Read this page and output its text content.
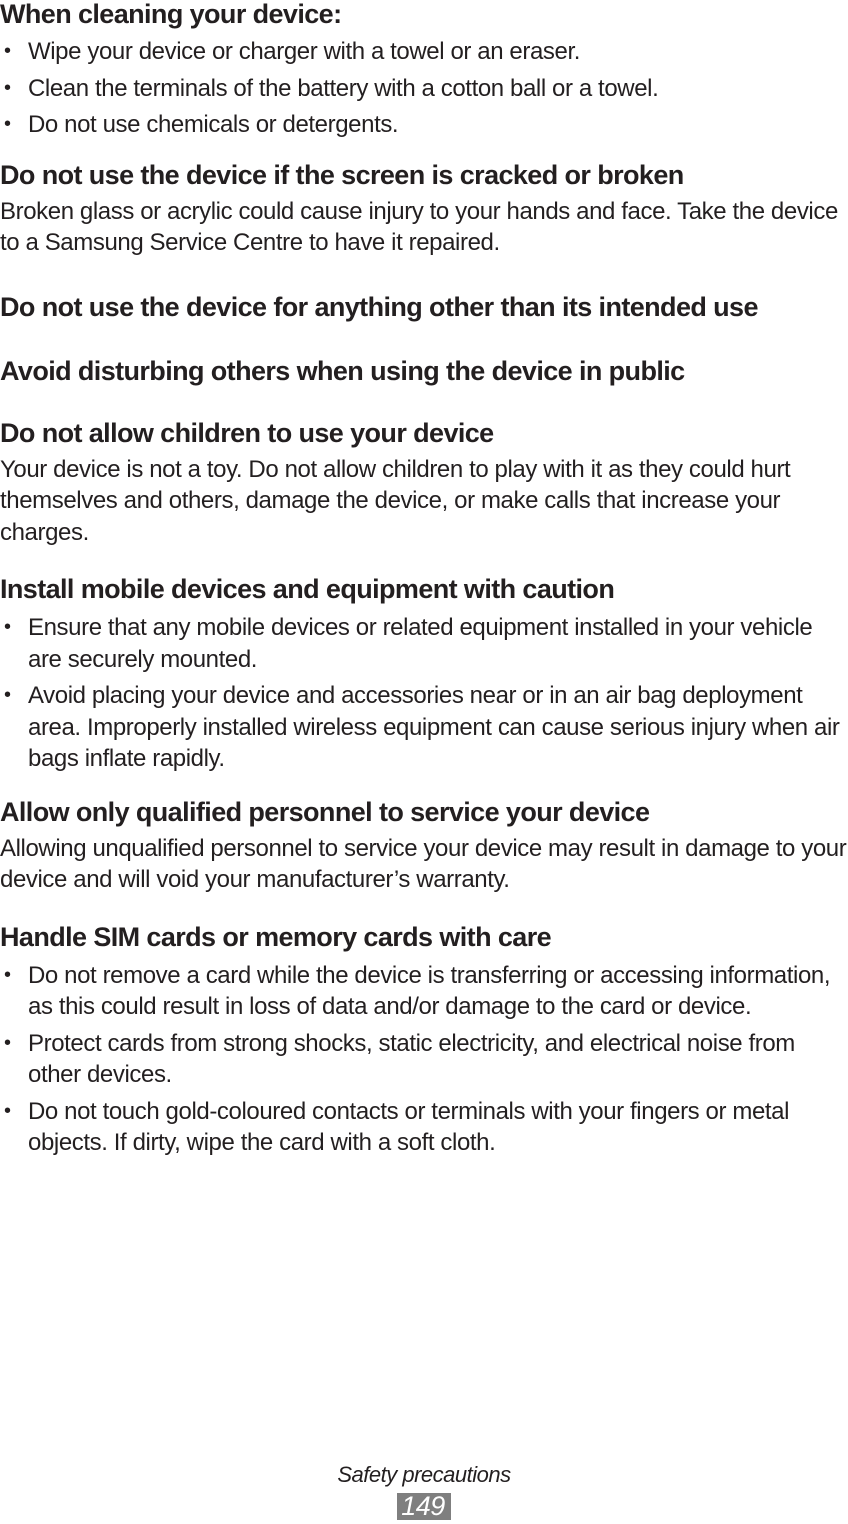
When cleaning your device:
• Wipe your device or charger with a towel or an eraser.
• Clean the terminals of the battery with a cotton ball or a towel.
• Do not use chemicals or detergents.
Do not use the device if the screen is cracked or broken

Broken glass or acrylic could cause injury to your hands and face. Take the device to a Samsung Service Centre to have it repaired.

Do not use the device for anything other than its intended use
Avoid disturbing others when using the device in public
Do not allow children to use your device

Your device is not a toy. Do not allow children to play with it as they could hurt themselves and others, damage the device, or make calls that increase your charges.

Install mobile devices and equipment with caution
• Ensure that any mobile devices or related equipment installed in your vehicle are securely mounted.
• Avoid placing your device and accessories near or in an air bag deployment area. Improperly installed wireless equipment can cause serious injury when air bags inflate rapidly.
Allow only qualified personnel to service your device

Allowing unqualified personnel to service your device may result in damage to your device and will void your manufacturer’s warranty.

Handle SIM cards or memory cards with care
• Do not remove a card while the device is transferring or accessing information, as this could result in loss of data and/or damage to the card or device.
• Protect cards from strong shocks, static electricity, and electrical noise from other devices.
• Do not touch gold-coloured contacts or terminals with your fingers or metal objects. If dirty, wipe the card with a soft cloth.
Safety precautions
149
